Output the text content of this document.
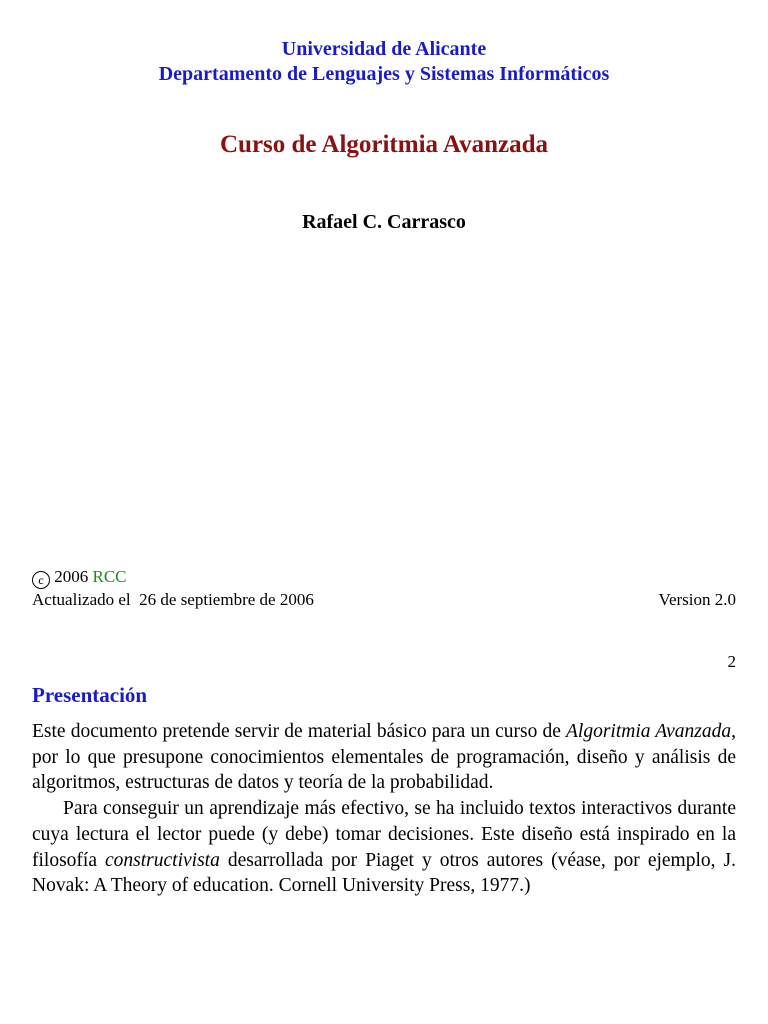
Universidad de Alicante
Departamento de Lenguajes y Sistemas Informáticos
Curso de Algoritmia Avanzada
Rafael C. Carrasco
c 2006 RCC
Actualizado el  26 de septiembre de 2006	Version 2.0
2
Presentación

Este documento pretende servir de material básico para un curso de Algoritmia Avanzada, por lo que presupone conocimientos elementales de programación, diseño y análisis de algoritmos, estructuras de datos y teoría de la probabilidad.

Para conseguir un aprendizaje más efectivo, se ha incluido textos interactivos durante cuya lectura el lector puede (y debe) tomar decisiones. Este diseño está inspirado en la filosofía constructivista desarrollada por Piaget y otros autores (véase, por ejemplo, J. Novak: A Theory of education. Cornell University Press, 1977.)
